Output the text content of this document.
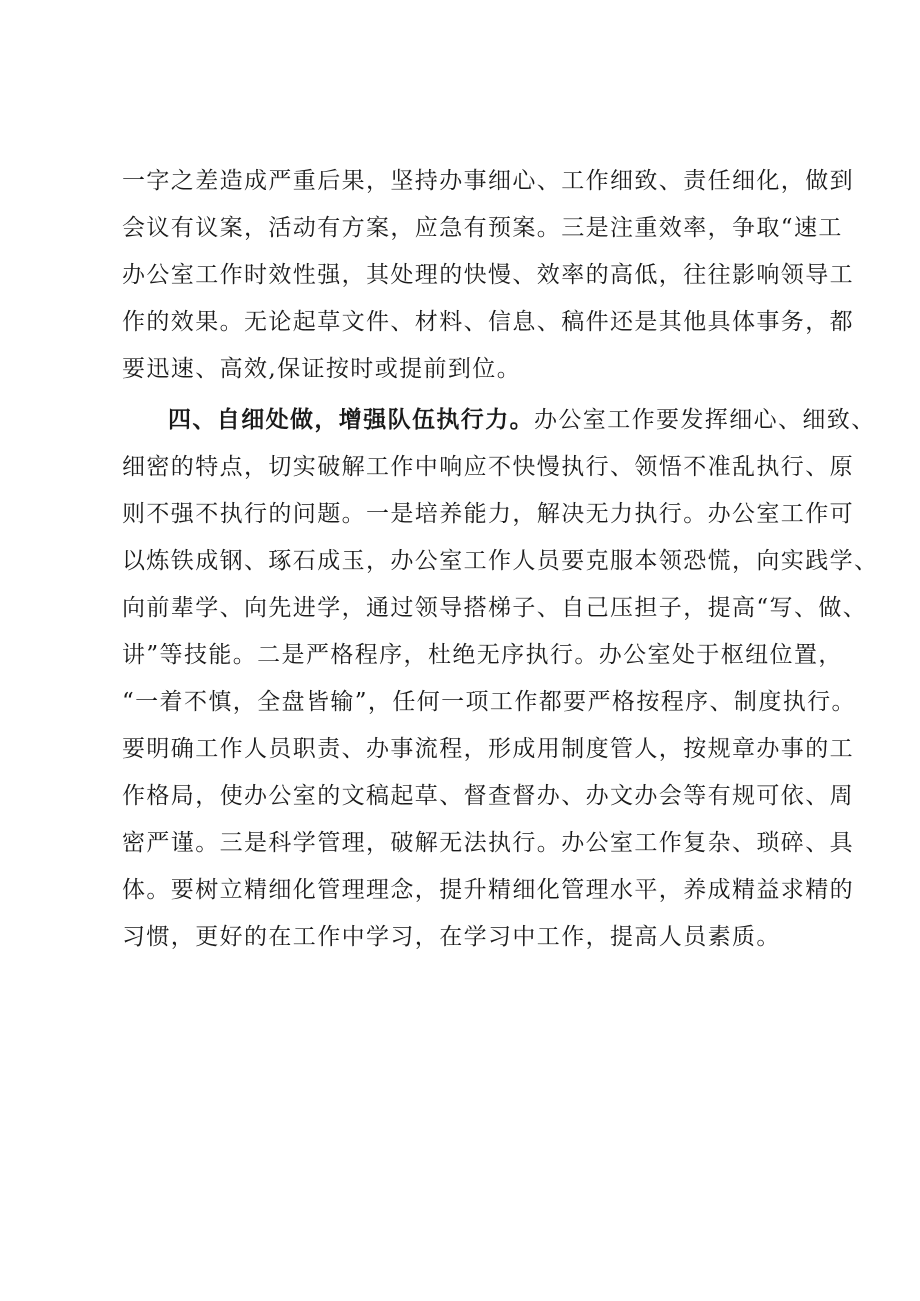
一字之差造成严重后果，坚持办事细心、工作细致、责任细化，做到
会议有议案，活动有方案，应急有预案。三是注重效率，争取“速工
办公室工作时效性强，其处理的快慢、效率的高低，往往影响领导工
作的效果。无论起草文件、材料、信息、稿件还是其他具体事务，都
要迅速、高效,保证按时或提前到位。
四、自细处做，增强队伍执行力。办公室工作要发挥细心、细致、
细密的特点，切实破解工作中响应不快慢执行、领悟不准乱执行、原
则不强不执行的问题。一是培养能力，解决无力执行。办公室工作可
以炼铁成钢、琢石成玉，办公室工作人员要克服本领恐慌，向实践学、
向前辈学、向先进学，通过领导搭梯子、自己压担子，提高“写、做、
讲”等技能。二是严格程序，杜绝无序执行。办公室处于枢纽位置，
“一着不慎，全盘皆输”，任何一项工作都要严格按程序、制度执行。
要明确工作人员职责、办事流程，形成用制度管人，按规章办事的工
作格局，使办公室的文稿起草、督查督办、办文办会等有规可依、周
密严谨。三是科学管理，破解无法执行。办公室工作复杂、琐碎、具
体。要树立精细化管理理念，提升精细化管理水平，养成精益求精的
习惯，更好的在工作中学习，在学习中工作，提高人员素质。
